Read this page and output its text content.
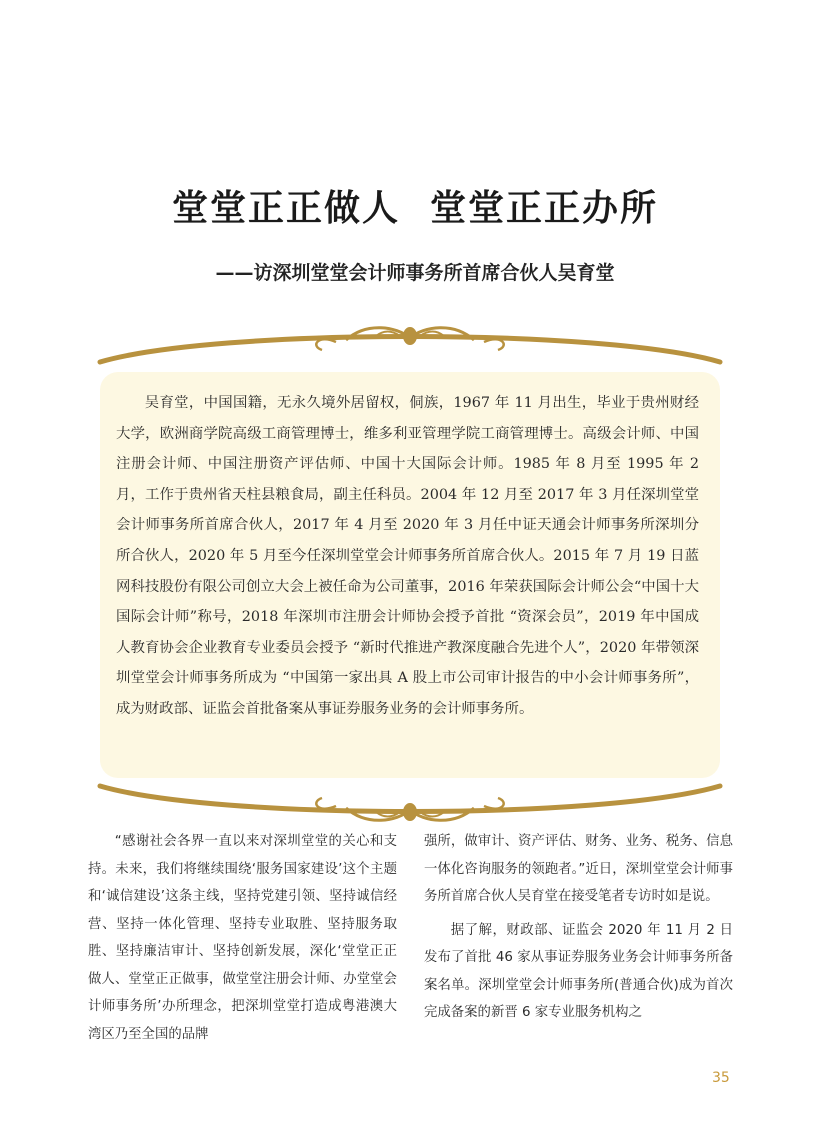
堂堂正正做人 堂堂正正办所
——访深圳堂堂会计师事务所首席合伙人吴育堂

吴育堂，中国国籍，无永久境外居留权，侗族，1967 年 11 月出生，毕业于贵州财经大学，欧洲商学院高级工商管理博士，维多利亚管理学院工商管理博士。高级会计师、中国注册会计师、中国注册资产评估师、中国十大国际会计师。1985 年 8 月至 1995 年 2 月，工作于贵州省天柱县粮食局，副主任科员。2004 年 12 月至 2017 年 3 月任深圳堂堂会计师事务所首席合伙人，2017 年 4 月至 2020 年 3 月任中证天通会计师事务所深圳分所合伙人，2020 年 5 月至今任深圳堂堂会计师事务所首席合伙人。2015 年 7 月 19 日蓝网科技股份有限公司创立大会上被任命为公司董事，2016 年荣获国际会计师公会“中国十大国际会计师”称号，2018 年深圳市注册会计师协会授予首批 “资深会员”，2019 年中国成人教育协会企业教育专业委员会授予 “新时代推进产教深度融合先进个人”，2020 年带领深圳堂堂会计师事务所成为 “中国第一家出具 A 股上市公司审计报告的中小会计师事务所”，成为财政部、证监会首批备案从事证券服务业务的会计师事务所。

“感谢社会各界一直以来对深圳堂堂的关心和支持。未来，我们将继续围绕‘服务国家建设’这个主题和‘诚信建设’这条主线，坚持党建引领、坚持诚信经营、坚持一体化管理、坚持专业取胜、坚持服务取胜、坚持廉洁审计、坚持创新发展，深化‘堂堂正正做人、堂堂正正做事，做堂堂注册会计师、办堂堂会计师事务所’办所理念，把深圳堂堂打造成粤港澳大湾区乃至全国的品牌

强所，做审计、资产评估、财务、业务、税务、信息一体化咨询服务的领跑者。”近日，深圳堂堂会计师事务所首席合伙人吴育堂在接受笔者专访时如是说。

据了解，财政部、证监会 2020 年 11 月 2 日发布了首批 46 家从事证券服务业务会计师事务所备案名单。深圳堂堂会计师事务所(普通合伙)成为首次完成备案的新晋 6 家专业服务机构之

35
